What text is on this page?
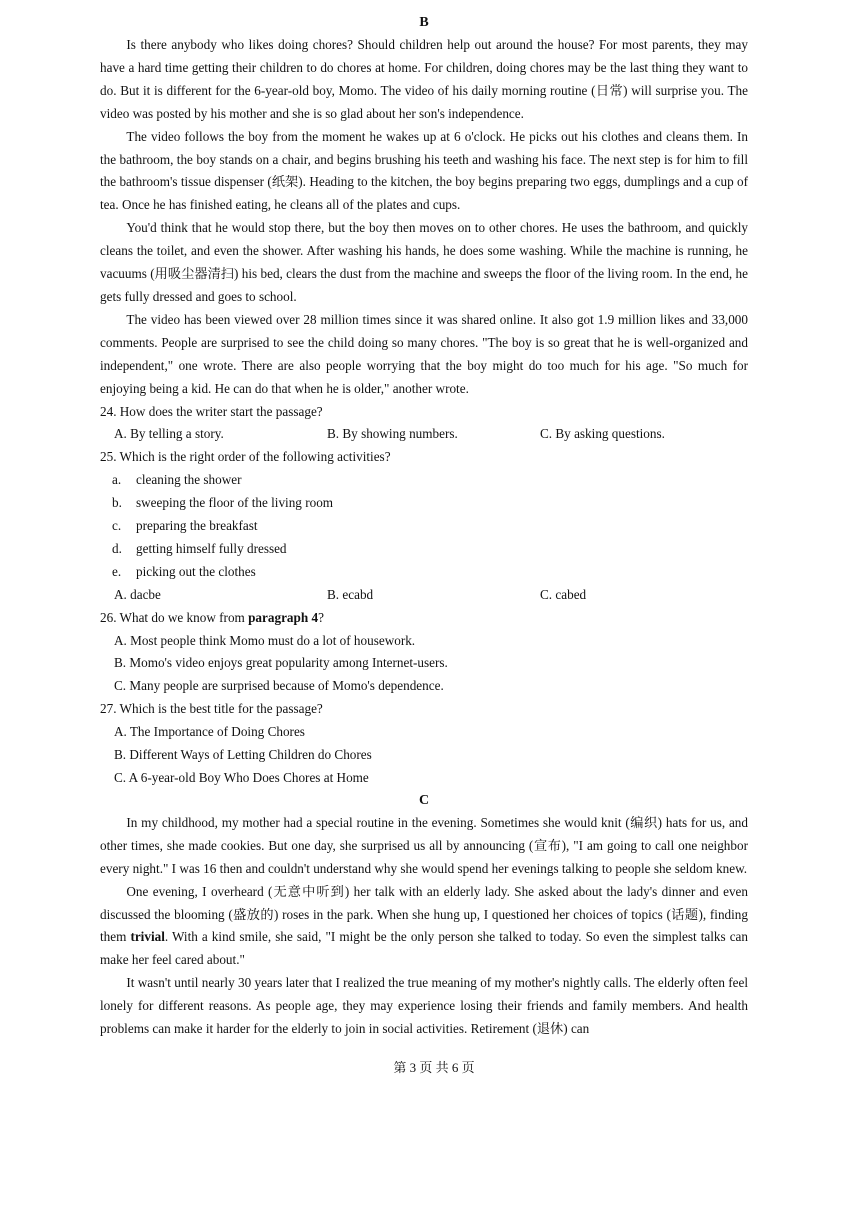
B

Is there anybody who likes doing chores? Should children help out around the house? For most parents, they may have a hard time getting their children to do chores at home. For children, doing chores may be the last thing they want to do. But it is different for the 6-year-old boy, Momo. The video of his daily morning routine (日常) will surprise you. The video was posted by his mother and she is so glad about her son's independence.

The video follows the boy from the moment he wakes up at 6 o'clock. He picks out his clothes and cleans them. In the bathroom, the boy stands on a chair, and begins brushing his teeth and washing his face. The next step is for him to fill the bathroom's tissue dispenser (纸架). Heading to the kitchen, the boy begins preparing two eggs, dumplings and a cup of tea. Once he has finished eating, he cleans all of the plates and cups.

You'd think that he would stop there, but the boy then moves on to other chores. He uses the bathroom, and quickly cleans the toilet, and even the shower. After washing his hands, he does some washing. While the machine is running, he vacuums (用吸尘器清扫) his bed, clears the dust from the machine and sweeps the floor of the living room. In the end, he gets fully dressed and goes to school.

The video has been viewed over 28 million times since it was shared online. It also got 1.9 million likes and 33,000 comments. People are surprised to see the child doing so many chores. "The boy is so great that he is well-organized and independent," one wrote. There are also people worrying that the boy might do too much for his age. "So much for enjoying being a kid. He can do that when he is older," another wrote.

24. How does the writer start the passage?

A. By telling a story.	B. By showing numbers.	C. By asking questions.

25. Which is the right order of the following activities?

a.	cleaning the shower
b.	sweeping the floor of the living room
c.	preparing the breakfast
d.	getting himself fully dressed
e.	picking out the clothes
A. dacbe	B. ecabd	C. cabed

26. What do we know from paragraph 4?

A. Most people think Momo must do a lot of housework.

B. Momo's video enjoys great popularity among Internet-users.

C. Many people are surprised because of Momo's dependence.

27. Which is the best title for the passage?

A. The Importance of Doing Chores

B. Different Ways of Letting Children do Chores

C. A 6-year-old Boy Who Does Chores at Home

C

In my childhood, my mother had a special routine in the evening. Sometimes she would knit (编织) hats for us, and other times, she made cookies. But one day, she surprised us all by announcing (宣布), "I am going to call one neighbor every night." I was 16 then and couldn't understand why she would spend her evenings talking to people she seldom knew.

One evening, I overheard (无意中听到) her talk with an elderly lady. She asked about the lady's dinner and even discussed the blooming (盛放的) roses in the park. When she hung up, I questioned her choices of topics (话题), finding them trivial. With a kind smile, she said, "I might be the only person she talked to today. So even the simplest talks can make her feel cared about."

It wasn't until nearly 30 years later that I realized the true meaning of my mother's nightly calls. The elderly often feel lonely for different reasons. As people age, they may experience losing their friends and family members. And health problems can make it harder for the elderly to join in social activities. Retirement (退休) can

第 3 页 共 6 页
